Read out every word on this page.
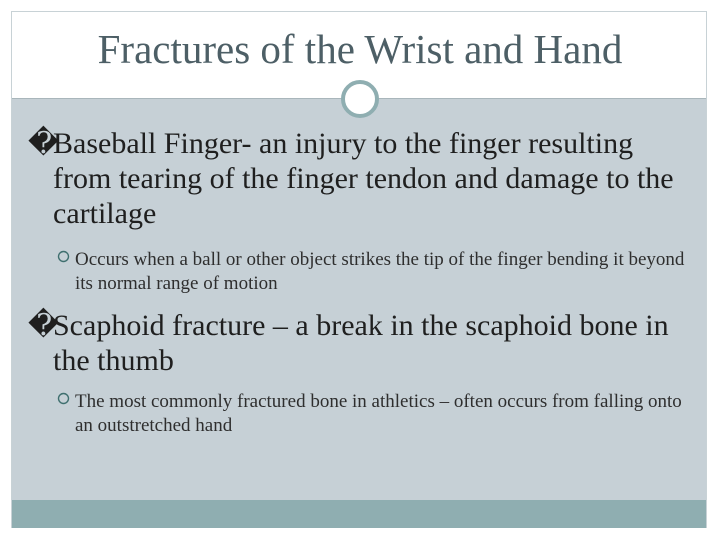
Fractures of the Wrist and Hand
�
Baseball Finger- an injury to the finger resulting from tearing of the finger tendon and damage to the cartilage
Occurs when a ball or other object strikes the tip of the finger bending it beyond its normal range of motion
�
Scaphoid fracture – a break in the scaphoid bone in the thumb
The most commonly fractured bone in athletics – often occurs from falling onto an outstretched hand
